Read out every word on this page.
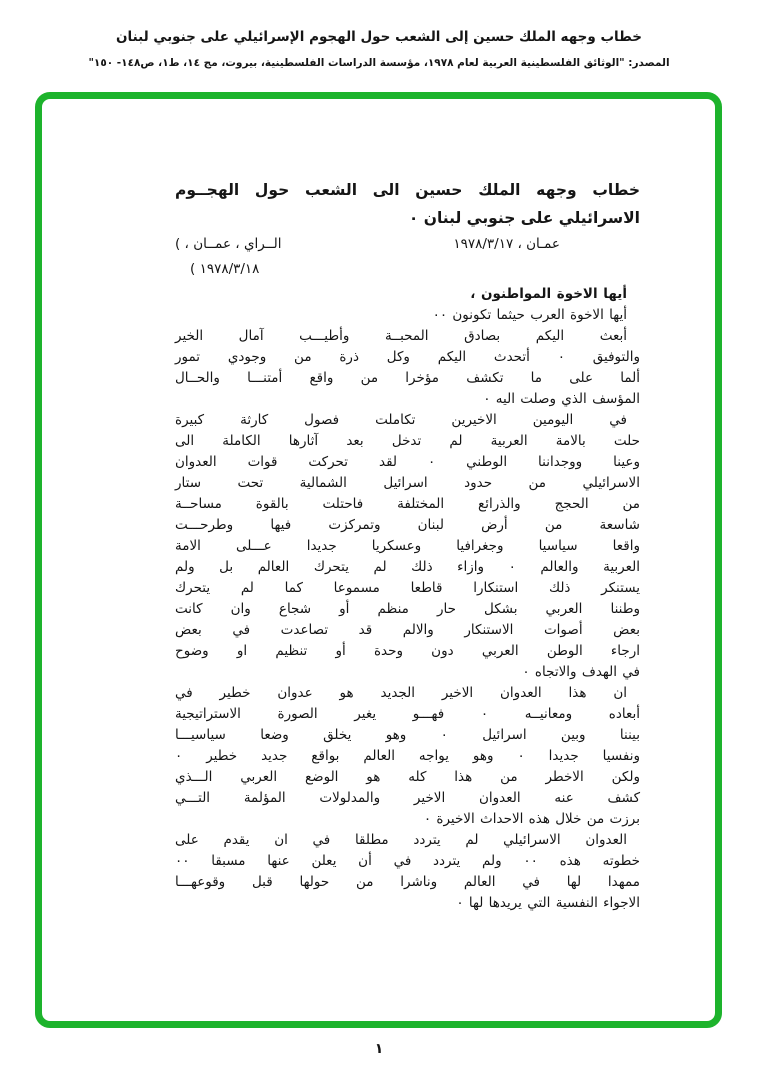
خطاب وجهه الملك حسين إلى الشعب حول الهجوم الإسرائيلي على جنوبي لبنان
المصدر: "الوثائق الفلسطينية العربية لعام ١٩٧٨، مؤسسة الدراسات الفلسطينية، بيروت، مج ١٤، ط١، ص١٤٨- ١٥٠"
خطاب وجهه الملك حسين الى الشعب حول الهجــوم
الاسرائيلي على جنوبي لبنان ٠
عمـان ، ١٩٧٨/٣/١٧
الــراي ، عمــان ، )
١٩٧٨/٣/١٨ )
أيها الاخوة المواطنون ،
أيها الاخوة العرب حيثما تكونون ٠٠
أبعث اليكم بصادق المحبــة وأطيـــب آمال الخير
والتوفيق ٠ أتحدث اليكم وكل ذرة من وجودي تمور
ألما على ما تكشف مؤخرا من واقع أمتنـــا والحــال
المؤسف الذي وصلت اليه ٠
في اليومين الاخيرين تكاملت فصول كارثة كبيرة
حلت بالامة العربية لم تدخل بعد آثارها الكاملة الى
وعينا ووجداننا الوطني ٠ لقد تحركت قوات العدوان
الاسرائيلي من حدود اسرائيل الشمالية تحت ستار
من الحجج والذرائع المختلفة فاحتلت بالقوة مساحــة
شاسعة من أرض لبنان وتمركزت فيها وطرحـــت
واقعا سياسيا وجغرافيا وعسكريا جديدا عـــلى الامة
العربية والعالم ٠ وازاء ذلك لم يتحرك العالم بل ولم
يستنكر ذلك استنكارا قاطعا مسموعا كما لم يتحرك
وطننا العربي بشكل حار منظم أو شجاع وان كانت
بعض أصوات الاستنكار والالم قد تصاعدت في بعض
ارجاء الوطن العربي دون وحدة أو تنظيم او وضوح
في الهدف والاتجاه ٠
ان هذا العدوان الاخير الجديد هو عدوان خطير في
أبعاده ومعانيــه ٠ فهـــو يغير الصورة الاستراتيجية
بيننا وبين اسرائيل ٠ وهو يخلق وضعا سياسيـــا
ونفسيا جديدا ٠ وهو يواجه العالم بواقع جديد خطير ٠
ولكن الاخطر من هذا كله هو الوضع العربي الـــذي
كشف عنه العدوان الاخير والمدلولات المؤلمة التـــي
برزت من خلال هذه الاحداث الاخيرة ٠
العدوان الاسرائيلي لم يتردد مطلقا في ان يقدم على
خطوته هذه ٠٠ ولم يتردد في أن يعلن عنها مسبقا ٠٠
ممهدا لها في العالم وناشرا من حولها قبل وقوعهـــا
الاجواء النفسية التي يريدها لها ٠
١
